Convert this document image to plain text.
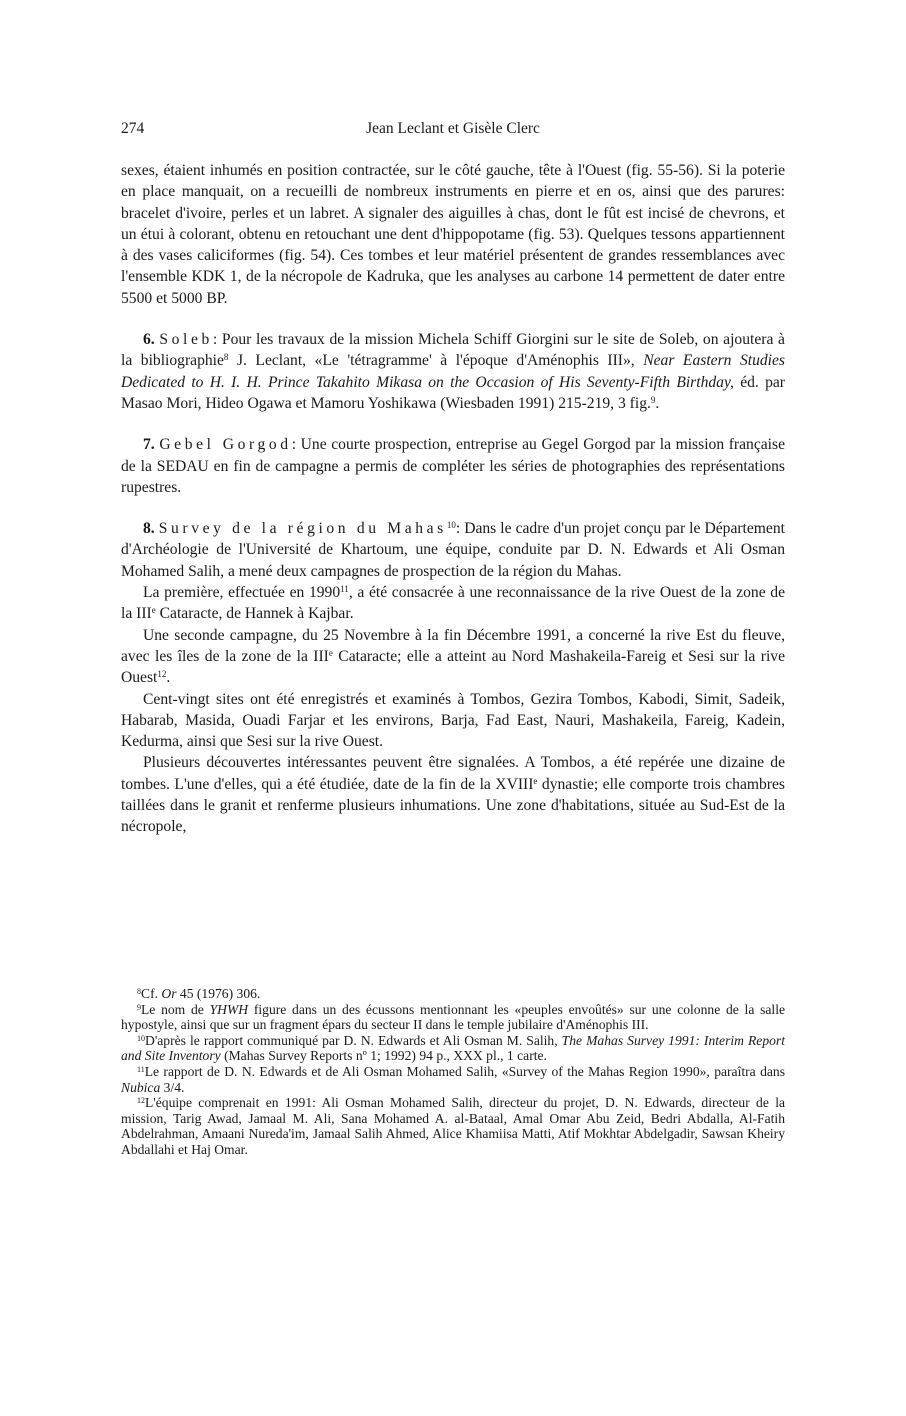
274	Jean Leclant et Gisèle Clerc

sexes, étaient inhumés en position contractée, sur le côté gauche, tête à l'Ouest (fig. 55-56). Si la poterie en place manquait, on a recueilli de nombreux instruments en pierre et en os, ainsi que des parures: bracelet d'ivoire, perles et un labret. A signaler des aiguilles à chas, dont le fût est incisé de chevrons, et un étui à colorant, obtenu en retouchant une dent d'hippopotame (fig. 53). Quelques tessons appartiennent à des vases caliciformes (fig. 54). Ces tombes et leur matériel présentent de grandes ressemblances avec l'ensemble KDK 1, de la nécropole de Kadruka, que les analyses au carbone 14 permettent de dater entre 5500 et 5000 BP.

6. Soleb: Pour les travaux de la mission Michela Schiff Giorgini sur le site de Soleb, on ajoutera à la bibliographie$^8$ J. Leclant, «Le 'tétragramme' à l'époque d'Aménophis III», Near Eastern Studies Dedicated to H. I. H. Prince Takahito Mikasa on the Occasion of His Seventy-Fifth Birthday, éd. par Masao Mori, Hideo Ogawa et Mamoru Yoshikawa (Wiesbaden 1991) 215-219, 3 fig.$^9$.

7. Gebel Gorgod: Une courte prospection, entreprise au Gegel Gorgod par la mission française de la SEDAU en fin de campagne a permis de compléter les séries de photographies des représentations rupestres.

8. Survey de la région du Mahas$^{10}$: Dans le cadre d'un projet conçu par le Département d'Archéologie de l'Université de Khartoum, une équipe, conduite par D. N. Edwards et Ali Osman Mohamed Salih, a mené deux campagnes de prospection de la région du Mahas.

La première, effectuée en 1990$^{11}$, a été consacrée à une reconnaissance de la rive Ouest de la zone de la IIIe Cataracte, de Hannek à Kajbar.

Une seconde campagne, du 25 Novembre à la fin Décembre 1991, a concerné la rive Est du fleuve, avec les îles de la zone de la IIIe Cataracte; elle a atteint au Nord Mashakeila-Fareig et Sesi sur la rive Ouest$^{12}$.

Cent-vingt sites ont été enregistrés et examinés à Tombos, Gezira Tombos, Kabodi, Simit, Sadeik, Habarab, Masida, Ouadi Farjar et les environs, Barja, Fad East, Nauri, Mashakeila, Fareig, Kadein, Kedurma, ainsi que Sesi sur la rive Ouest.

Plusieurs découvertes intéressantes peuvent être signalées. A Tombos, a été repérée une dizaine de tombes. L'une d'elles, qui a été étudiée, date de la fin de la XVIIIe dynastie; elle comporte trois chambres taillées dans le granit et renferme plusieurs inhumations. Une zone d'habitations, située au Sud-Est de la nécropole,

$^8$Cf. Or 45 (1976) 306.

$^9$Le nom de YHWH figure dans un des écussons mentionnant les «peuples envoûtés» sur une colonne de la salle hypostyle, ainsi que sur un fragment épars du secteur II dans le temple jubilaire d'Aménophis III.

$^{10}$D'après le rapport communiqué par D. N. Edwards et Ali Osman M. Salih, The Mahas Survey 1991: Interim Report and Site Inventory (Mahas Survey Reports nº 1; 1992) 94 p., XXX pl., 1 carte.

$^{11}$Le rapport de D. N. Edwards et de Ali Osman Mohamed Salih, «Survey of the Mahas Region 1990», paraîtra dans Nubica 3/4.

$^{12}$L'équipe comprenait en 1991: Ali Osman Mohamed Salih, directeur du projet, D. N. Edwards, directeur de la mission, Tarig Awad, Jamaal M. Ali, Sana Mohamed A. al-Bataal, Amal Omar Abu Zeid, Bedri Abdalla, Al-Fatih Abdelrahman, Amaani Nureda'im, Jamaal Salih Ahmed, Alice Khamiisa Matti, Atif Mokhtar Abdelgadir, Sawsan Kheiry Abdallahi et Haj Omar.
